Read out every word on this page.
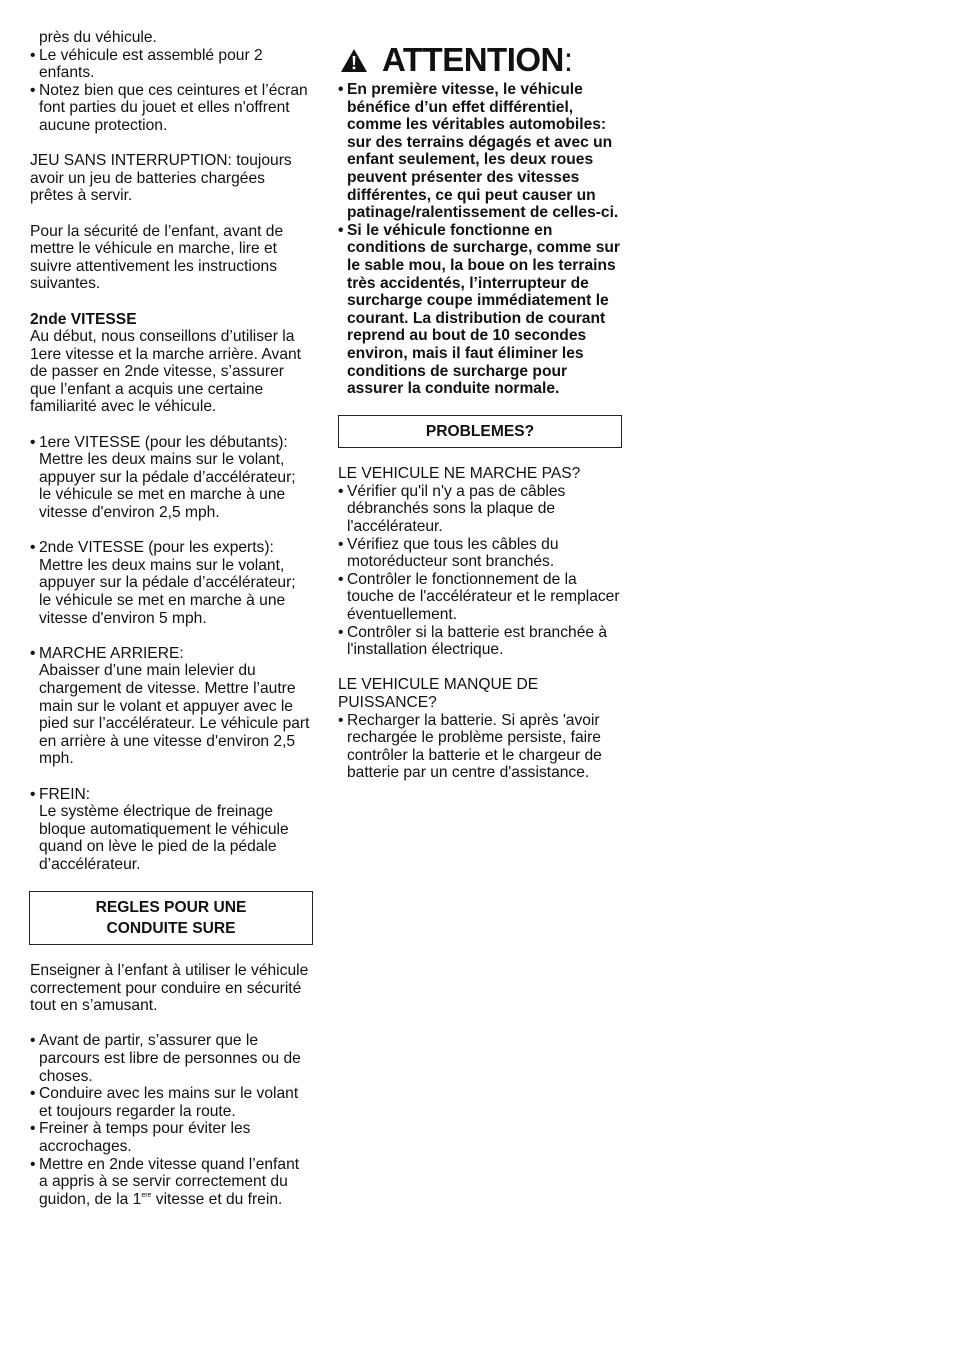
près du véhicule.

• Le véhicule est assemblé pour 2 enfants.

• Notez bien que ces ceintures et l’écran font parties du jouet et elles n'offrent aucune protection.

JEU SANS INTERRUPTION: toujours avoir un jeu de batteries chargées prêtes à servir.

Pour la sécurité de l’enfant, avant de mettre le véhicule en marche, lire et suivre attentivement les instructions suivantes.

2nde VITESSE

Au début, nous conseillons d’utiliser la 1ere vitesse et la marche arrière. Avant de passer en 2nde vitesse, s’assurer que l’enfant a acquis une certaine familiarité avec le véhicule.

• 1ere VITESSE (pour les débutants):

Mettre les deux mains sur le volant, appuyer sur la pédale d’accélérateur; le véhicule se met en marche à une vitesse d'environ 2,5 mph.

• 2nde VITESSE (pour les experts):

Mettre les deux mains sur le volant, appuyer sur la pédale d’accélérateur; le véhicule se met en marche à une vitesse d'environ 5 mph.

• MARCHE ARRIERE:

Abaisser d’une main lelevier du chargement de vitesse. Mettre l’autre main sur le volant et appuyer avec le pied sur l’accélérateur. Le véhicule part en arrière à une vitesse d'environ 2,5 mph.

• FREIN:

Le système électrique de freinage bloque automatiquement le véhicule quand on lève le pied de la pédale d’accélérateur.

REGLES POUR UNE
CONDUITE SURE

Enseigner à l’enfant à utiliser le véhicule correctement pour conduire en sécurité tout en s’amusant.

• Avant de partir, s’assurer que le parcours est libre de personnes ou de choses.

• Conduire avec les mains sur le volant et toujours regarder la route.

• Freiner à temps pour éviter les accrochages.

• Mettre en 2nde vitesse quand l’enfant a appris à se servir correctement du guidon, de la 1ere vitesse et du frein.

ATTENTION :

• En première vitesse, le véhicule bénéfice d’un effet différentiel, comme les véritables automobiles: sur des terrains dégagés et avec un enfant seulement, les deux roues peuvent présenter des vitesses différentes, ce qui peut causer un patinage/ralentissement de celles-ci.

• Si le véhicule fonctionne en conditions de surcharge, comme sur le sable mou, la boue on les terrains très accidentés, l’interrupteur de surcharge coupe immédiatement le courant. La distribution de courant reprend au bout de 10 secondes environ, mais il faut éliminer les conditions de surcharge pour assurer la conduite normale.

PROBLEMES?

LE VEHICULE NE MARCHE PAS?

• Vérifier qu'il n'y a pas de câbles débranchés sons la plaque de l'accélérateur.

• Vérifiez que tous les câbles du motoréducteur sont branchés.

• Contrôler le fonctionnement de la touche de l'accélérateur et le remplacer éventuellement.

• Contrôler si la batterie est branchée à l'installation électrique.

LE VEHICULE MANQUE DE PUISSANCE?

• Recharger la batterie. Si après 'avoir rechargée le problème persiste, faire contrôler la batterie et le chargeur de batterie par un centre d'assistance.
